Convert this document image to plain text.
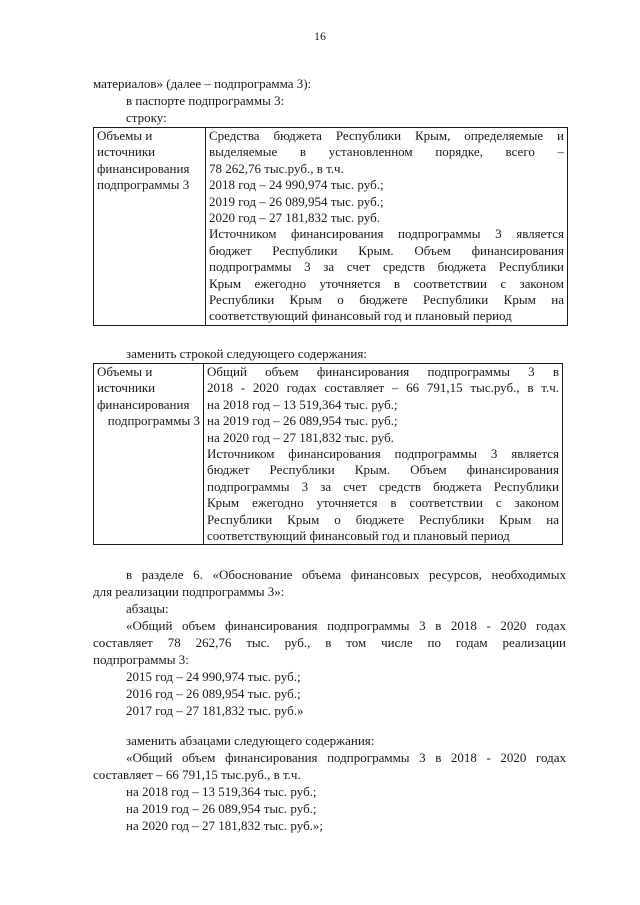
16
материалов» (далее – подпрограмма 3):
в паспорте подпрограммы 3:
строку:
Объемы и
источники
финансирования
подпрограммы 3

Средства бюджета Республики Крым, определяемые и
выделяемые в установленном порядке, всего –
78 262,76 тыс.руб., в т.ч.
2018 год – 24 990,974 тыс. руб.;
2019 год – 26 089,954 тыс. руб.;
2020 год – 27 181,832 тыс. руб.
Источником финансирования подпрограммы 3 является
бюджет Республики Крым. Объем финансирования
подпрограммы 3 за счет средств бюджета Республики
Крым ежегодно уточняется в соответствии с законом
Республики Крым о бюджете Республики Крым на
соответствующий финансовый год и плановый период
заменить строкой следующего содержания:
Объемы и
источники
финансирования
подпрограммы 3

Общий объем финансирования подпрограммы 3 в
2018 - 2020 годах составляет – 66 791,15 тыс.руб., в т.ч.
на 2018 год – 13 519,364 тыс. руб.;
на 2019 год – 26 089,954 тыс. руб.;
на 2020 год – 27 181,832 тыс. руб.
Источником финансирования подпрограммы 3 является
бюджет Республики Крым. Объем финансирования
подпрограммы 3 за счет средств бюджета Республики
Крым ежегодно уточняется в соответствии с законом
Республики Крым о бюджете Республики Крым на
соответствующий финансовый год и плановый период
в разделе 6. «Обоснование объема финансовых ресурсов, необходимых
для реализации подпрограммы 3»:
абзацы:
«Общий объем финансирования подпрограммы 3 в 2018 - 2020 годах
составляет 78 262,76 тыс. руб., в том числе по годам реализации
подпрограммы 3:
2015 год – 24 990,974 тыс. руб.;
2016 год – 26 089,954 тыс. руб.;
2017 год – 27 181,832 тыс. руб.»
заменить абзацами следующего содержания:
«Общий объем финансирования подпрограммы 3 в 2018 - 2020 годах
составляет – 66 791,15 тыс.руб., в т.ч.
на 2018 год – 13 519,364 тыс. руб.;
на 2019 год – 26 089,954 тыс. руб.;
на 2020 год – 27 181,832 тыс. руб.»;
